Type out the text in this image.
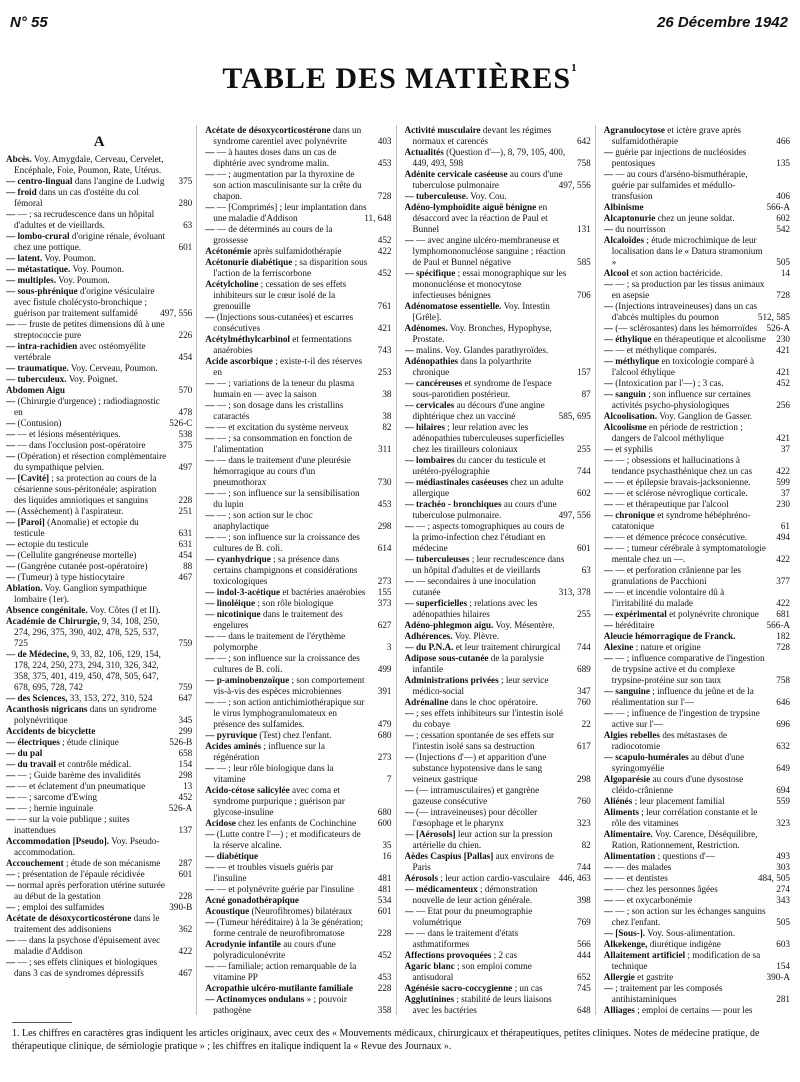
N° 55	26 Décembre 1942
TABLE DES MATIÈRES$^1$
A
Abcès. Voy. Amygdale, Cerveau, Cervelet, Encéphale, Foie, Poumon, Rate, Utérus.
— centro-lingual dans l'angine de Ludwig	375
— froid dans un cas d'ostéite du col fémoral	280
— — ; sa recrudescence dans un hôpital d'adultes et de vieillards.	63
— lombo-crural d'origine rénale, évoluant chez une pottique.	601
— latent. Voy. Poumon.
— métastatique. Voy. Poumon.
— multiples. Voy. Poumon.
— sous-phrénique d'origine vésiculaire avec fistule cholécysto-bronchique ; guérison par traitement sulfamidé	497, 556
— — fruste de petites dimensions dû à une streptococcie pure	226
— intra-rachidien avec ostéomyélite vertébrale	454
— traumatique. Voy. Cerveau, Poumon.
— tuberculeux. Voy. Poignet.
Abdomen Aigu	570
— (Chirurgie d'urgence) ; radiodiagnostic en	478
— (Contusion)	526-C
— — et lésions mésentériques.	538
— — dans l'occlusion post-opératoire	375
— (Opération) et résection complémentaire du sympathique pelvien.	497
— [Cavité] ; sa protection au cours de la césarienne sous-péritonéale; aspiration des liquides amniotiques et sanguins	228
— (Assèchement) à l'aspirateur.	251
— [Paroi] (Anomalie) et ectopie du testicule	631
— ectopie du testicule	631
— (Cellulite gangréneuse mortelle)	454
— (Gangrène cutanée post-opératoire)	88
— (Tumeur) à type histiocytaire	467
Ablation. Voy. Ganglion sympathique lombaire (1er).
Absence congénitale. Voy. Côtes (I et II).
Académie de Chirurgie, 9, 34, 108, 250, 274, 296, 375, 390, 402, 478, 525, 537, 725	759
— de Médecine, 9, 33, 82, 106, 129, 154, 178, 224, 250, 273, 294, 310, 326, 342, 358, 375, 401, 419, 450, 478, 505, 647, 678, 695, 728, 742	759
— des Sciences, 33, 153, 272, 310, 524	647
Acanthosis nigricans dans un syndrome polynévritique	345
Accidents de bicyclette	299
— électriques ; étude clinique	526-B
— du pal	658
— du travail et contrôle médical.	154
— — ; Guide barème des invalidités	298
— — et éclatement d'un pneumatique	13
— — ; sarcome d'Ewing	452
— — ; hernie inguinale	526-A
— — sur la voie publique ; suites inattendues	137
Accommodation [Pseudo]. Voy. Pseudo-accommodation.
Accouchement ; étude de son mécanisme	287
— ; présentation de l'épaule récidivée	601
— normal après perforation utérine suturée au début de la gestation	228
— ; emploi des sulfamides	390-B
Acétate de désoxycorticostérone dans le traitement des addisoniens	362
— — dans la psychose d'épuisement avec maladie d'Addison	422
— — ; ses effets cliniques et biologiques dans 3 cas de syndromes dépressifs	467
Acétate de désoxycorticostérone dans un syndrome carentiel avec polynévrite	403
— — à hautes doses dans un cas de diphtérie avec syndrome malin.	453
— — ; augmentation par la thyroxine de son action masculinisante sur la crête du chapon.	728
— — [Comprimés] ; leur implantation dans une maladie d'Addison	11, 648
— — de déterminés au cours de la grossesse	452
Acétonémie après sulfamidothérapie	422
Acétonurie diabétique ; sa disparition sous l'action de la ferriscorbone	452
Acétylcholine ; cessation de ses effets inhibiteurs sur le cœur isolé de la grenouille	761
— (Injections sous-cutanées) et escarres consécutives	421
Acétylméthylcarbinol et fermentations anaérobies	743
Acide ascorbique ; existe-t-il des réserves en	253
— — ; variations de la teneur du plasma humain en — avec la saison	38
— — ; son dosage dans les cristallins cataractés	38
— — et excitation du système nerveux	82
— — ; sa consommation en fonction de l'alimentation	311
— — dans le traitement d'une pleurésie hémorragique au cours d'un pneumothorax	730
— — ; son influence sur la sensibilisation du lupin	453
— — ; son action sur le choc anaphylactique	298
— — ; son influence sur la croissance des cultures de B. coli.	614
— cyanhydrique ; sa présence dans certains champignons et considérations toxicologiques	273
— indol-3-acétique et bactéries anaérobies	155
— linoléique ; son rôle biologique	373
— nicotinique dans le traitement des engelures	627
— — dans le traitement de l'érythème polymorphe	3
— — ; son influence sur la croissance des cultures de B. coli.	499
— p-aminobenzoïque ; son comportement vis-à-vis des espèces microbiennes	391
— — ; son action antichimiothérapique sur le virus lymphogranulomateux en présence des sulfamides.	479
— pyruvique (Test) chez l'enfant.	680
Acides aminés ; influence sur la régénération	273
— — ; leur rôle biologique dans la vitamine	7
Acido-cétose salicylée avec coma et syndrome purpurique ; guérison par glycose-insuline	680
Acidose chez les enfants de Cochinchine	600
— (Lutte contre l'—) ; et modificateurs de la réserve alcaline.	35
— diabétique	16
— — et troubles visuels guéris par l'insuline	481
— — et polynévrite guérie par l'insuline	481
Acné gonadothérapique	534
Acoustique (Neurofibromes) bilatéraux	601
— (Tumeur héréditaire) à la 3e génération; forme centrale de neurofibromatose	228
Acrodynie infantile au cours d'une polyradiculonévrite	452
— — familiale; action remarquable de la vitamine PP	453
Acropathie ulcéro-mutilante familiale	228
— Actinomyces ondulans » ; pouvoir pathogène	358
Activité musculaire devant les régimes normaux et carencés	642
Actualités (Question d'—), 8, 79, 105, 400, 449, 493, 598	758
Adénite cervicale caséeuse au cours d'une tuberculose pulmonaire	497, 556
— tuberculeuse. Voy. Cou.
Adéno-lymphoïdite aiguë bénigne en désaccord avec la réaction de Paul et Bunnel	131
— — avec angine ulcéro-membraneuse et lymphomononucléose sanguine ; réaction de Paul et Bunnel négative	585
— spécifique ; essai monographique sur les mononucléose et monocytose infectieuses bénignes	706
Adénomatose essentielle. Voy. Intestin [Grêle].
Adénomes. Voy. Bronches, Hypophyse, Prostate.
— malins. Voy. Glandes parathyroïdes.
Adénopathies dans la polyarthrite chronique	157
— cancéreuses et syndrome de l'espace sous-parotidien postérieur.	87
— cervicales au décours d'une angine diphtérique chez un vacciné	585, 695
— hilaires ; leur relation avec les adénopathies tuberculeuses superficielles chez les tirailleurs coloniaux	255
— lombaires du cancer du testicule et urétéro-pyélographie	744
— médiastinales caséeuses chez un adulte allergique	602
— trachéo - bronchiques au cours d'une tuberculose pulmonaire.	497, 556
— — ; aspects tomographiques au cours de la primo-infection chez l'étudiant en médecine	601
— tuberculeuses ; leur recrudescence dans un hôpital d'adultes et de vieillards	63
— — secondaires à une inoculation cutanée	313, 378
— superficielles ; relations avec les adénopathies hilaires	255
Adéno-phlegmon aigu. Voy. Mésentère.
Adhérences. Voy. Plèvre.
— du P.N.A. et leur traitement chirurgical	744
Adipose sous-cutanée de la paralysie infantile	689
Administrations privées ; leur service médico-social	347
Adrénaline dans le choc opératoire.	760
— ; ses effets inhibiteurs sur l'intestin isolé du cobaye	22
— ; cessation spontanée de ses effets sur l'intestin isolé sans sa destruction	617
— (Injections d'—) et apparition d'une substance hypotensive dans le sang veineux gastrique	298
— (— intramusculaires) et gangrène gazeuse consécutive	760
— (— intraveineuses) pour décoller l'œsophage et le pharynx	323
— [Aérosols] leur action sur la pression artérielle du chien.	82
Aèdes Caspius [Pallas] aux environs de Paris	744
Aérosols ; leur action cardio-vasculaire 446, 463
— médicamenteux ; démonstration nouvelle de leur action générale.	398
— — Etat pour du pneumographie volumétrique	769
— — dans le traitement d'états asthmatiformes	566
Affections provoquées ; 2 cas	444
Agaric blanc ; son emploi comme antisudoral	652
Agénésie sacro-coccygienne ; un cas	745
Agglutinines ; stabilité de leurs liaisons avec les bactéries	648
Agranulocytose et ictère grave après sulfamidothérapie	466
— guérie par injections de nucléosides pentosiques	135
— — au cours d'arséno-bismuthérapie, guérie par sulfamides et médullo-transfusion	406
Albinisme	566-A
Alcaptonurie chez un jeune soldat.	602
— du nourrisson	542
Alcaloïdes ; étude microchimique de leur localisation dans le « Datura stramonium »	505
Alcool et son action bactéricide.	14
— — ; sa production par les tissus animaux en asepsie	728
— (Injections intraveineuses) dans un cas d'abcès multiples du poumon	512, 585
— (— sclérosantes) dans les hémorroïdes	526-A
— éthylique en thérapeutique et alcoolisme	230
— — et méthylique comparés.	421
— méthylique en toxicologie comparé à l'alcool éthylique	421
— (Intoxication par l'—) ; 3 cas.	452
— sanguin ; son influence sur certaines activités psycho-physiologiques	256
Alcoolisation. Voy. Ganglion de Gasser.
Alcoolisme en période de restriction ; dangers de l'alcool méthylique	421
— et syphilis	37
— — ; obsessions et hallucinations à tendance psychasthénique chez un cas	422
— — et épilepsie bravais-jacksonienne.	599
— — et sclérose névroglique corticale.	37
— — et thérapeutique par l'alcool	230
— chronique et syndrome hébéphréno-catatonique	61
— — et démence précoce consécutive.	494
— — ; tumeur cérébrale à symptomatologie mentale chez un —.	422
— — et perforation crânienne par les granulations de Pacchioni	377
— — et incendie volontaire dû à l'irritabilité du malade	422
— expérimental et polynévrite chronique	681
— héréditaire	566-A
Aleucie hémorragique de Franck.	182
Alexine ; nature et origine	728
— — ; influence comparative de l'ingestion de trypsine active et du complexe trypsine-protéine sur son taux	758
— sanguine ; influence du jeûne et de la réalimentation sur l'—	646
— — ; influence de l'ingestion de trypsine active sur l'—	696
Algies rebelles des métastases de radiocotomie	632
— scapulo-humérales au début d'une syringomyélie	649
Algoparésie au cours d'une dysostose cléido-crânienne	694
Aliénés ; leur placement familial	559
Aliments ; leur corrélation constante et le rôle des vitamines	323
Alimentaire. Voy. Carence, Déséquilibre, Ration, Rationnement, Restriction.
Alimentation ; questions d'—	493
— — des malades	303
— — et dentistes	484, 505
— — chez les personnes âgées	274
— — et oxycarbonémie	343
— — ; son action sur les échanges sanguins chez l'enfant.	505
— [Sous-]. Voy. Sous-alimentation.
Alkekenge, diurétique indigène	603
Allaitement artificiel ; modification de sa technique	154
Allergie et gastrite	390-A
— ; traitement par les composés antihistaminiques	281
Alliages ; emploi de certains — pour les
1. Les chiffres en caractères gras indiquent les articles originaux, avec ceux des « Mouvements médicaux, chirurgicaux et thérapeutiques, petites cliniques. Notes de médecine pratique, de thérapeutique clinique, de sémiologie pratique » ; les chiffres en italique indiquent la « Revue des Journaux ».
